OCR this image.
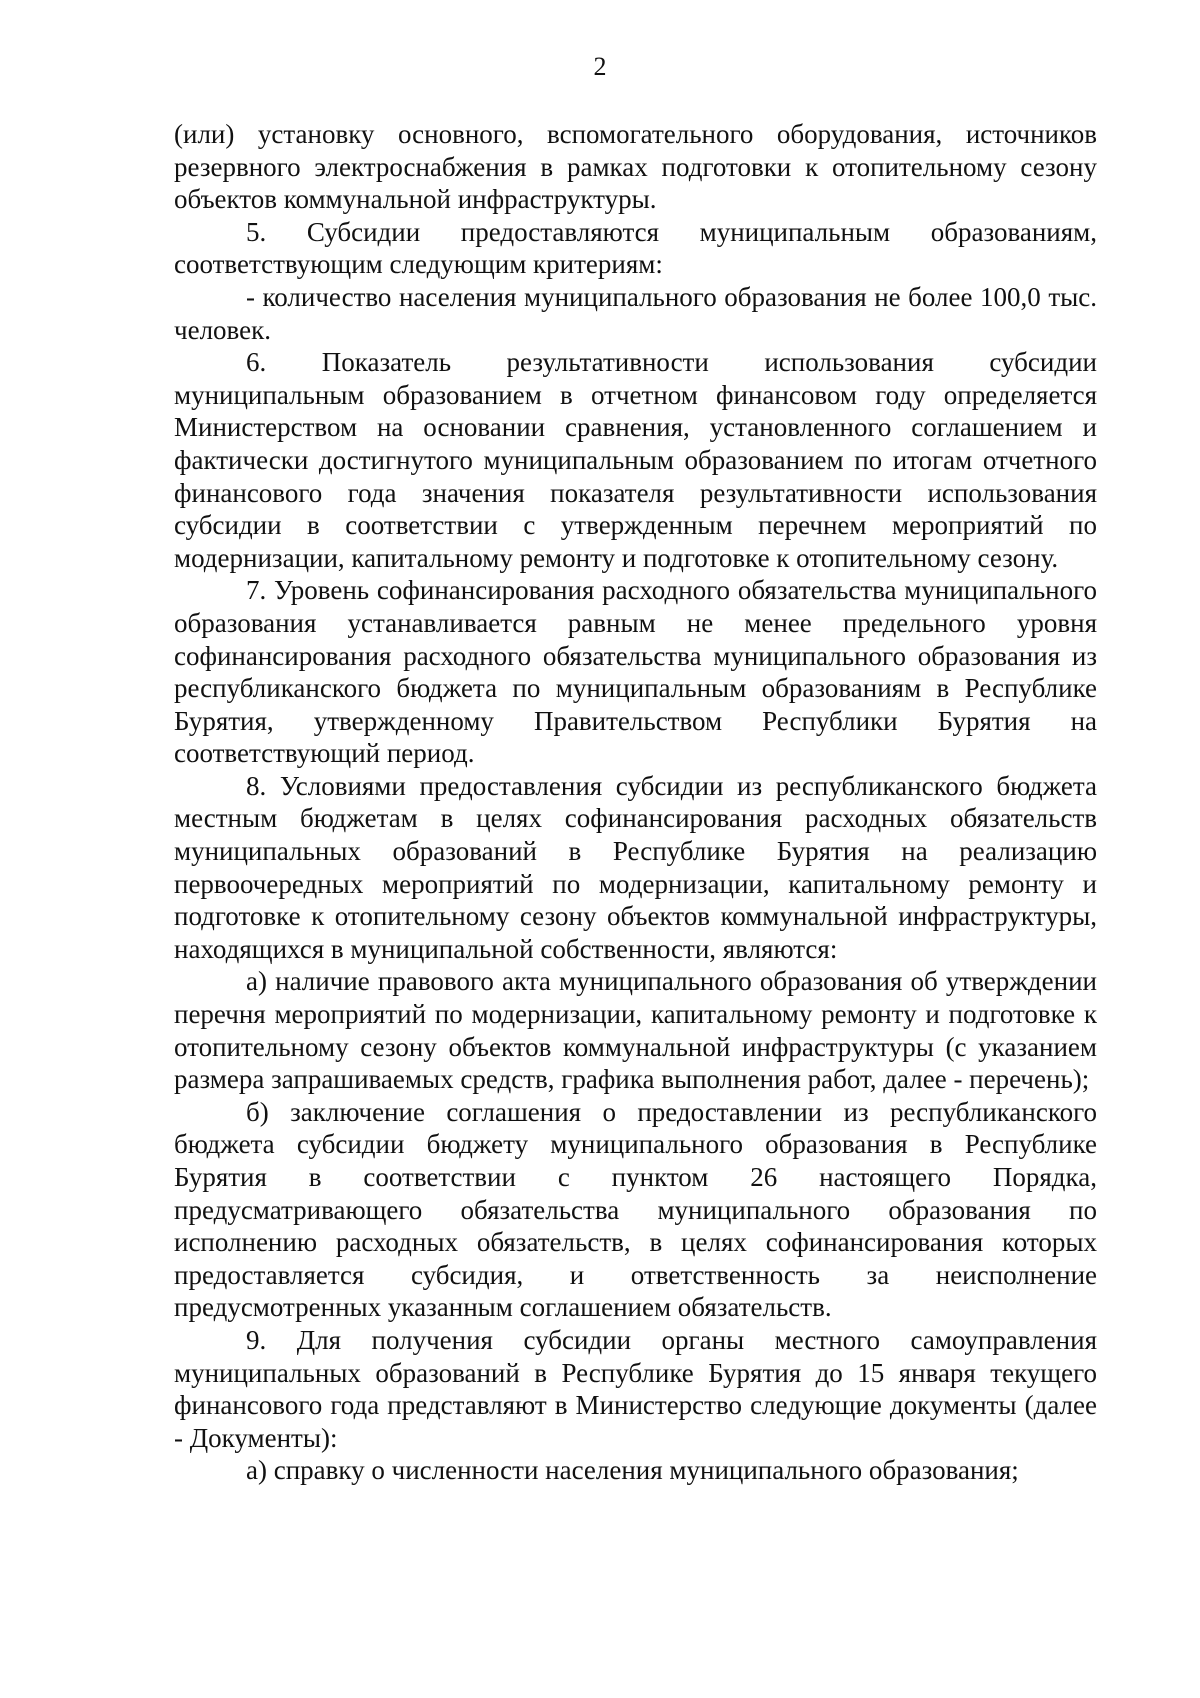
2

(или) установку основного, вспомогательного оборудования, источников резервного электроснабжения в рамках подготовки к отопительному сезону объектов коммунальной инфраструктуры.

5. Субсидии предоставляются муниципальным образованиям, соответствующим следующим критериям:

- количество населения муниципального образования не более 100,0 тыс. человек.

6. Показатель результативности использования субсидии муниципальным образованием в отчетном финансовом году определяется Министерством на основании сравнения, установленного соглашением и фактически достигнутого муниципальным образованием по итогам отчетного финансового года значения показателя результативности использования субсидии в соответствии с утвержденным перечнем мероприятий по модернизации, капитальному ремонту и подготовке к отопительному сезону.

7. Уровень софинансирования расходного обязательства муниципального образования устанавливается равным не менее предельного уровня софинансирования расходного обязательства муниципального образования из республиканского бюджета по муниципальным образованиям в Республике Бурятия, утвержденному Правительством Республики Бурятия на соответствующий период.

8. Условиями предоставления субсидии из республиканского бюджета местным бюджетам в целях софинансирования расходных обязательств муниципальных образований в Республике Бурятия на реализацию первоочередных мероприятий по модернизации, капитальному ремонту и подготовке к отопительному сезону объектов коммунальной инфраструктуры, находящихся в муниципальной собственности, являются:

а) наличие правового акта муниципального образования об утверждении перечня мероприятий по модернизации, капитальному ремонту и подготовке к отопительному сезону объектов коммунальной инфраструктуры (с указанием размера запрашиваемых средств, графика выполнения работ, далее - перечень);

б) заключение соглашения о предоставлении из республиканского бюджета субсидии бюджету муниципального образования в Республике Бурятия в соответствии с пунктом 26 настоящего Порядка, предусматривающего обязательства муниципального образования по исполнению расходных обязательств, в целях софинансирования которых предоставляется субсидия, и ответственность за неисполнение предусмотренных указанным соглашением обязательств.

9. Для получения субсидии органы местного самоуправления муниципальных образований в Республике Бурятия до 15 января текущего финансового года представляют в Министерство следующие документы (далее - Документы):

а) справку о численности населения муниципального образования;
